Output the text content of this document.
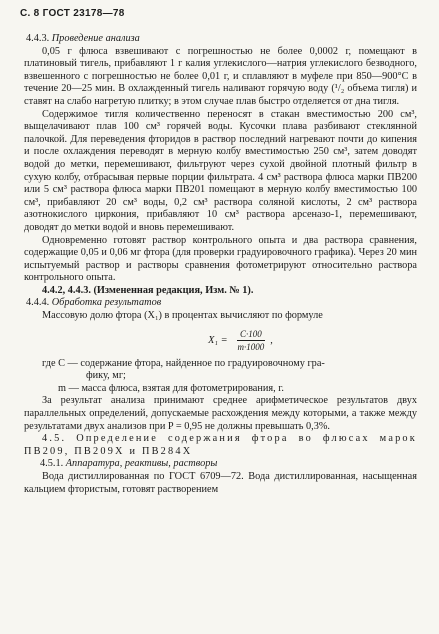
С. 8 ГОСТ 23178—78

4.4.3. Проведение анализа

0,05 г флюса взвешивают с погрешностью не более 0,0002 г, помещают в платиновый тигель, прибавляют 1 г калия углекислого—натрия углекислого безводного, взвешенного с погрешностью не более 0,01 г, и сплавляют в муфеле при 850—900°С в течение 20—25 мин. В охлажденный тигель наливают горячую воду (¹/₂ объема тигля) и ставят на слабо нагретую плитку; в этом случае плав быстро отделяется от дна тигля.

Содержимое тигля количественно переносят в стакан вместимостью 200 см³, выщелачивают плав 100 см³ горячей воды. Кусочки плава разбивают стеклянной палочкой. Для переведения фторидов в раствор последний нагревают почти до кипения и после охлаждения переводят в мерную колбу вместимостью 250 см³, затем доводят водой до метки, перемешивают, фильтруют через сухой двойной плотный фильтр в сухую колбу, отбрасывая первые порции фильтрата. 4 см³ раствора флюса марки ПВ200 или 5 см³ раствора флюса марки ПВ201 помещают в мерную колбу вместимостью 100 см³, прибавляют 20 см³ воды, 0,2 см³ раствора соляной кислоты, 2 см³ раствора азотнокислого циркония, прибавляют 10 см³ раствора арсеназо-1, перемешивают, доводят до метки водой и вновь перемешивают.

Одновременно готовят раствор контрольного опыта и два раствора сравнения, содержащие 0,05 и 0,06 мг фтора (для проверки градуировочного графика). Через 20 мин испытуемый раствор и растворы сравнения фотометрируют относительно раствора контрольного опыта.

4.4.2, 4.4.3. (Измененная редакция, Изм. № 1).

4.4.4. Обработка результатов

Массовую долю фтора (X₁) в процентах вычисляют по формуле

$X_1 = \frac{C\cdot 100}{m\cdot 1000}$ ,
где C — содержание фтора, найденное по градуировочному гра-
фику, мг;
m — масса флюса, взятая для фотометрирования, г.

За результат анализа принимают среднее арифметическое результатов двух параллельных определений, допускаемые расхождения между которыми, а также между результатами двух анализов при P = 0,95 не должны превышать 0,3%.

4.5. Определение содержания фтора во флюсах марок ПВ209, ПВ209Х и ПВ284Х

4.5.1. Аппаратура, реактивы, растворы

Вода дистиллированная по ГОСТ 6709—72. Вода дистиллированная, насыщенная кальцием фтористым, готовят растворением
